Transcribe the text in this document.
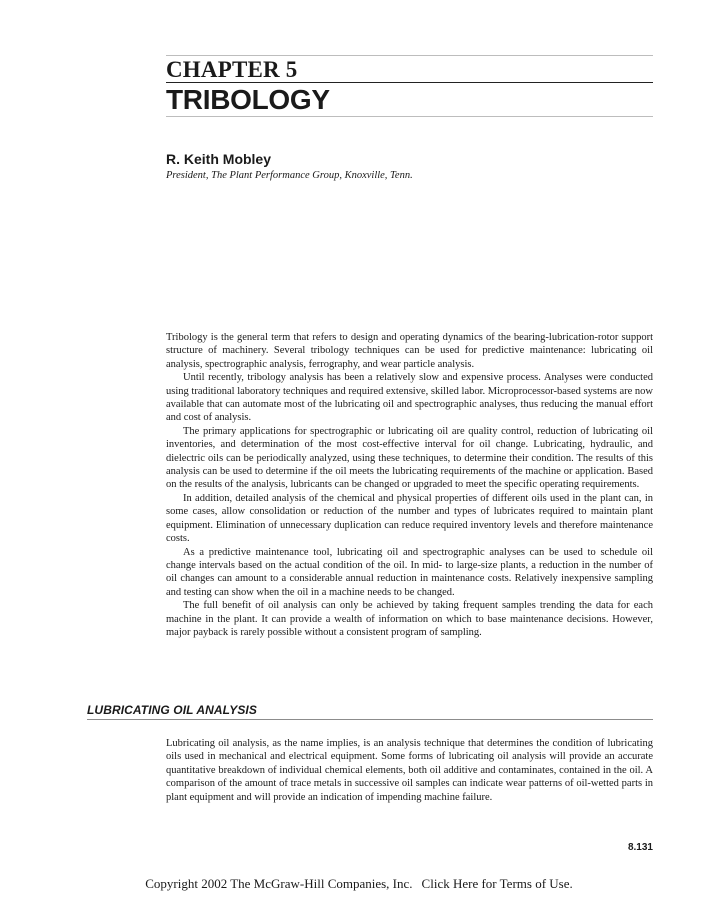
CHAPTER 5
TRIBOLOGY
R. Keith Mobley
President, The Plant Performance Group, Knoxville, Tenn.

Tribology is the general term that refers to design and operating dynamics of the bearing-lubrication-rotor support structure of machinery. Several tribology techniques can be used for predictive maintenance: lubricating oil analysis, spectrographic analysis, ferrography, and wear particle analysis.

Until recently, tribology analysis has been a relatively slow and expensive process. Analyses were conducted using traditional laboratory techniques and required extensive, skilled labor. Microprocessor-based systems are now available that can automate most of the lubricating oil and spectrographic analyses, thus reducing the manual effort and cost of analysis.

The primary applications for spectrographic or lubricating oil are quality control, reduction of lubricating oil inventories, and determination of the most cost-effective interval for oil change. Lubricating, hydraulic, and dielectric oils can be periodically analyzed, using these techniques, to determine their condition. The results of this analysis can be used to determine if the oil meets the lubricating requirements of the machine or application. Based on the results of the analysis, lubricants can be changed or upgraded to meet the specific operating requirements.

In addition, detailed analysis of the chemical and physical properties of different oils used in the plant can, in some cases, allow consolidation or reduction of the number and types of lubricates required to maintain plant equipment. Elimination of unnecessary duplication can reduce required inventory levels and therefore maintenance costs.

As a predictive maintenance tool, lubricating oil and spectrographic analyses can be used to schedule oil change intervals based on the actual condition of the oil. In mid- to large-size plants, a reduction in the number of oil changes can amount to a considerable annual reduction in maintenance costs. Relatively inexpensive sampling and testing can show when the oil in a machine needs to be changed.

The full benefit of oil analysis can only be achieved by taking frequent samples trending the data for each machine in the plant. It can provide a wealth of information on which to base maintenance decisions. However, major payback is rarely possible without a consistent program of sampling.

LUBRICATING OIL ANALYSIS

Lubricating oil analysis, as the name implies, is an analysis technique that determines the condition of lubricating oils used in mechanical and electrical equipment. Some forms of lubricating oil analysis will provide an accurate quantitative breakdown of individual chemical elements, both oil additive and contaminates, contained in the oil. A comparison of the amount of trace metals in successive oil samples can indicate wear patterns of oil-wetted parts in plant equipment and will provide an indication of impending machine failure.

8.131
Copyright 2002 The McGraw-Hill Companies, Inc. Click Here for Terms of Use.
